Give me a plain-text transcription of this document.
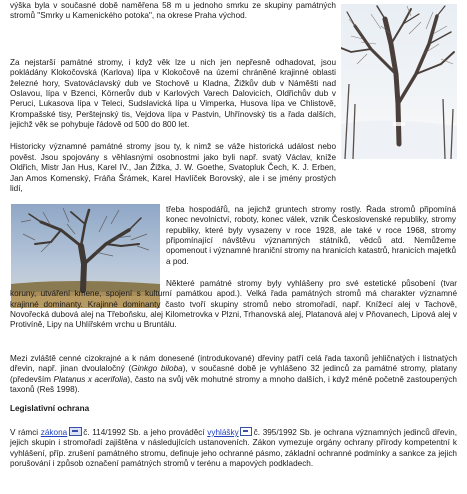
výška byla v současné době naměřena 58 m u jednoho smrku ze skupiny památných stromů "Smrky u Kamenického potoka", na okrese Praha východ.

Za nejstarší památné stromy, i když věk lze u nich jen nepřesně odhadovat, jsou pokládány Klokočovská (Karlova) lípa v Klokočově na území chráněné krajinné oblasti železné hory, Svatováclavský dub ve Stochově u Kladna, Žižkův dub v Náměšti nad Oslavou, lípa v Bzenci, Körnerův dub v Karlových Varech Dalovicích, Oldřichův dub v Peruci, Lukasova lípa v Teleci, Sudslavická lípa u Vimperka, Husova lípa ve Chlistově, Krompašské tisy, Perštejnský tis, Vejdova lípa v Pastvin, Uhřínovský tis a řada dalších, jejichž věk se pohybuje řádově od 500 do 800 let.

Historicky významné památné stromy jsou ty, k nimž se váže historická událost nebo pověst. Jsou spojovány s věhlasnými osobnostmi jako byli např. svatý Václav, kníže Oldřich, Mistr Jan Hus, Karel IV., Jan Žižka, J. W. Goethe, Svatopluk Čech, K. J. Erben, Jan Amos Komenský, Fráňa Šrámek, Karel Havlíček Borovský, ale i se jmény prostých lidí,

třeba hospodářů, na jejichž gruntech stromy rostly. Řada stromů připomíná konec nevolnictví, roboty, konec válek, vznik Československé republiky, stromy republiky, které byly vysazeny v roce 1928, ale také v roce 1968, stromy připomínající návštěvu významných státníků, vědců atd. Nemůžeme opomenout i významné hraniční stromy na hranicích katastrů, hranicích majetků a pod.

Některé památné stromy byly vyhlášeny pro své estetické působení (tvar koruny, utváření kmene, spojení s kulturní památkou apod.). Velká řada památných stromů má charakter významné krajinné dominanty. Krajinné dominanty často tvoří skupiny stromů nebo stromořadí, např. Knížecí alej v Tachově, Novořecká dubová alej na Třeboňsku, alej Kilometrovka v Plzni, Trhanovská alej, Platanová alej v Pňovanech, Lipová alej v Protivíně, Lipy na Uhlířském vrchu u Bruntálu.

Mezi zvláště cenné cizokrajné a k nám donesené (introdukované) dřeviny patří celá řada taxonů jehličnatých i listnatých dřevin, např. jinan dvoulaločný (Ginkgo biloba), v současné době je vyhlášeno 32 jedinců za památné stromy, platany (především Platanus x acerifolia), často na svůj věk mohutné stromy a mnoho dalších, i když méně početně zastoupených taxonů (Reš 1998).

Legislativní ochrana

V rámci zákona č. 114/1992 Sb. a jeho prováděcí vyhlášky č. 395/1992 Sb. je ochrana významných jedinců dřevin, jejich skupin i stromořadí zajištěna v následujících ustanoveních. Zákon vymezuje orgány ochrany přírody kompetentní k vyhlášení, příp. zrušení památného stromu, definuje jeho ochranné pásmo, základní ochranné podmínky a sankce za jejich porušování i způsob označení památných stromů v terénu a mapových podkladech.
